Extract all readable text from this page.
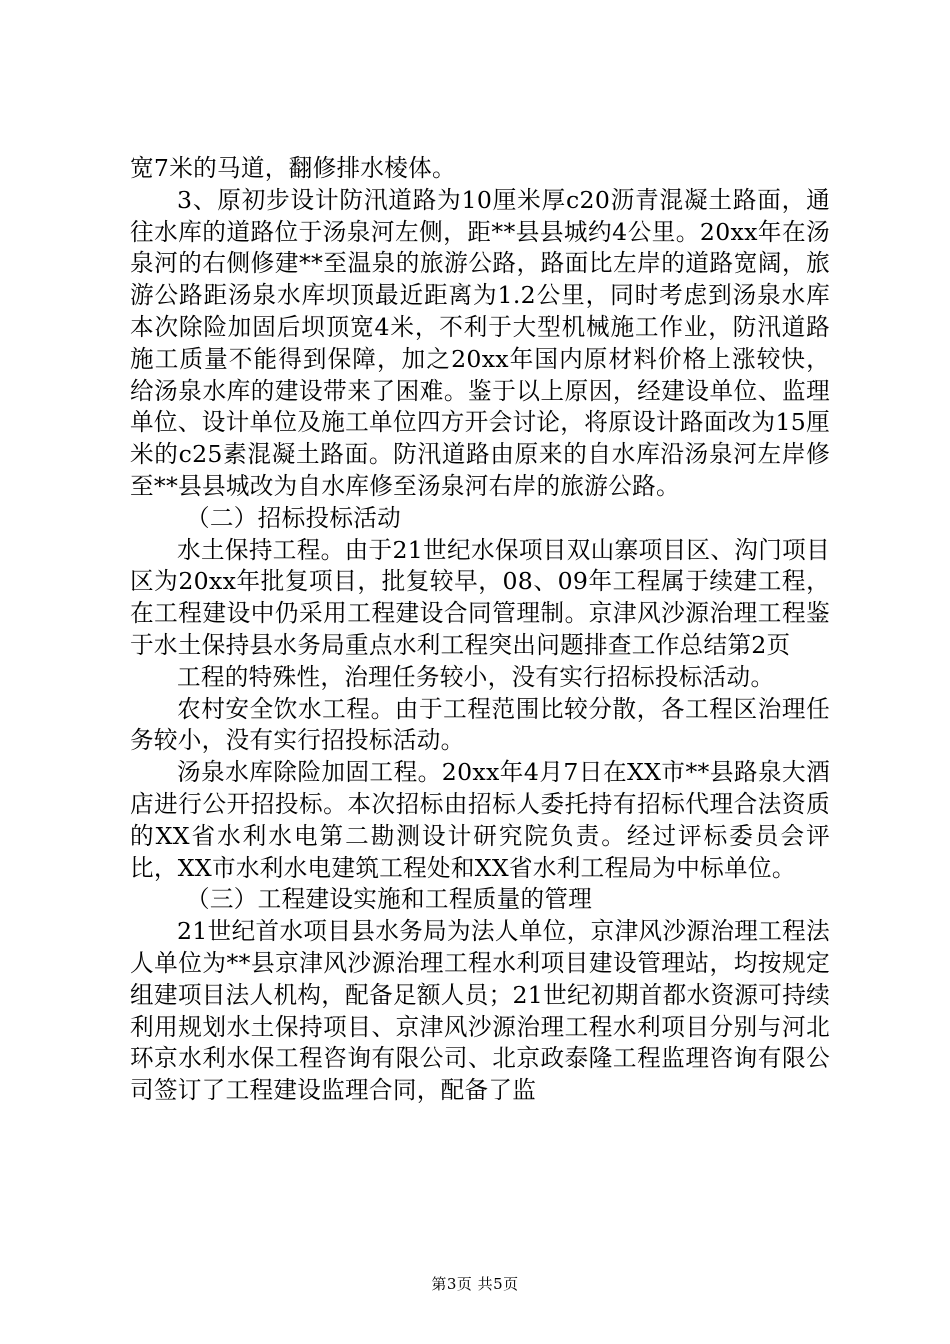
宽7米的马道，翻修排水棱体。

3、原初步设计防汛道路为10厘米厚c20沥青混凝土路面，通往水库的道路位于汤泉河左侧，距**县县城约4公里。20xx年在汤泉河的右侧修建**至温泉的旅游公路，路面比左岸的道路宽阔，旅游公路距汤泉水库坝顶最近距离为1.2公里，同时考虑到汤泉水库本次除险加固后坝顶宽4米，不利于大型机械施工作业，防汛道路施工质量不能得到保障，加之20xx年国内原材料价格上涨较快，给汤泉水库的建设带来了困难。鉴于以上原因，经建设单位、监理单位、设计单位及施工单位四方开会讨论，将原设计路面改为15厘米的c25素混凝土路面。防汛道路由原来的自水库沿汤泉河左岸修至**县县城改为自水库修至汤泉河右岸的旅游公路。

（二）招标投标活动

水土保持工程。由于21世纪水保项目双山寨项目区、沟门项目区为20xx年批复项目，批复较早，08、09年工程属于续建工程，在工程建设中仍采用工程建设合同管理制。京津风沙源治理工程鉴于水土保持县水务局重点水利工程突出问题排查工作总结第2页

工程的特殊性，治理任务较小，没有实行招标投标活动。

农村安全饮水工程。由于工程范围比较分散，各工程区治理任务较小，没有实行招投标活动。

汤泉水库除险加固工程。20xx年4月7日在XX市**县路泉大酒店进行公开招投标。本次招标由招标人委托持有招标代理合法资质的XX省水利水电第二勘测设计研究院负责。经过评标委员会评比，XX市水利水电建筑工程处和XX省水利工程局为中标单位。

（三）工程建设实施和工程质量的管理

21世纪首水项目县水务局为法人单位，京津风沙源治理工程法人单位为**县京津风沙源治理工程水利项目建设管理站，均按规定组建项目法人机构，配备足额人员；21世纪初期首都水资源可持续利用规划水土保持项目、京津风沙源治理工程水利项目分别与河北环京水利水保工程咨询有限公司、北京政泰隆工程监理咨询有限公司签订了工程建设监理合同，配备了监

第3页 共5页
